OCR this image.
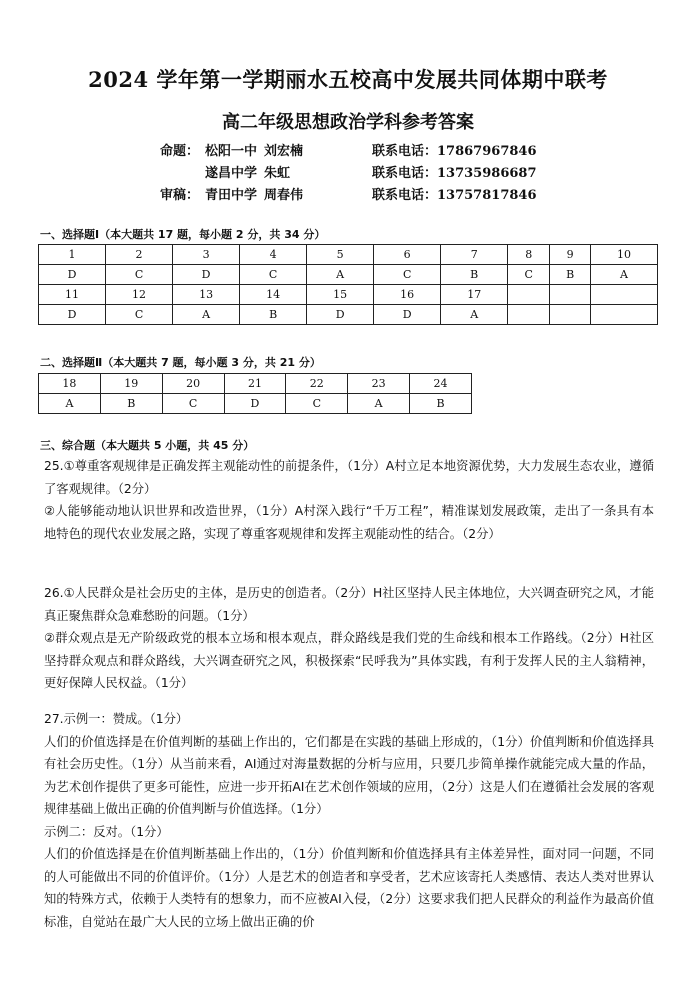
2024 学年第一学期丽水五校高中发展共同体期中联考
高二年级思想政治学科参考答案
命题： 松阳一中 刘宏楠	联系电话：17867967846
遂昌中学 朱虹	联系电话：13735986687
审稿： 青田中学 周春伟	联系电话：13757817846
一、选择题Ⅰ（本大题共 17 题，每小题 2 分，共 34 分）
1	2	3	4	5	6	7	8	9	10
D	C	D	C	A	C	B	C	B	A
11	12	13	14	15	16	17			
D	C	A	B	D	D	A			
二、选择题Ⅱ（本大题共 7 题，每小题 3 分，共 21 分）
18	19	20	21	22	23	24
A	B	C	D	C	A	B
三、综合题（本大题共 5 小题，共 45 分）

25.①尊重客观规律是正确发挥主观能动性的前提条件，（1分）A村立足本地资源优势，大力发展生态农业，遵循了客观规律。（2分）

②人能够能动地认识世界和改造世界，（1分）A村深入践行“千万工程”，精准谋划发展政策，走出了一条具有本地特色的现代农业发展之路，实现了尊重客观规律和发挥主观能动性的结合。（2分）

26.①人民群众是社会历史的主体，是历史的创造者。（2分）H社区坚持人民主体地位，大兴调查研究之风，才能真正聚焦群众急难愁盼的问题。（1分）

②群众观点是无产阶级政党的根本立场和根本观点，群众路线是我们党的生命线和根本工作路线。（2分）H社区坚持群众观点和群众路线，大兴调查研究之风，积极探索“民呼我为”具体实践，有利于发挥人民的主人翁精神，更好保障人民权益。（1分）

27.示例一：赞成。（1分）

人们的价值选择是在价值判断的基础上作出的，它们都是在实践的基础上形成的，（1分）价值判断和价值选择具有社会历史性。（1分）从当前来看，AI通过对海量数据的分析与应用，只要几步简单操作就能完成大量的作品，为艺术创作提供了更多可能性，应进一步开拓AI在艺术创作领域的应用，（2分）这是人们在遵循社会发展的客观规律基础上做出正确的价值判断与价值选择。（1分）

示例二：反对。（1分）

人们的价值选择是在价值判断基础上作出的，（1分）价值判断和价值选择具有主体差异性，面对同一问题，不同的人可能做出不同的价值评价。（1分）人是艺术的创造者和享受者，艺术应该寄托人类感情、表达人类对世界认知的特殊方式，依赖于人类特有的想象力，而不应被AI入侵，（2分）这要求我们把人民群众的利益作为最高价值标准，自觉站在最广大人民的立场上做出正确的价
